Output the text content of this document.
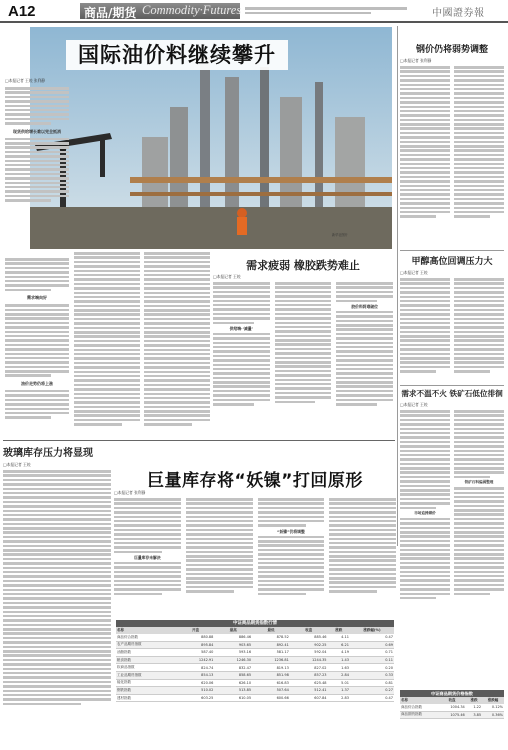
A12	商品/期货 Commodity·Futures	中國證券報
国际油价料继续攀升
新华社图片
□本报记者 王姣 张利静
现货供给增长难以完全抵消
需求端向好
油价走势仍将上涨
需求疲弱 橡胶跌势难止
□本报记者 王姣
供给端·‘减量’
胶价料将难破位
钢价仍将弱势调整
□本报记者 张利静
甲醇高位回调压力大
□本报记者 王姣
需求不温不火 铁矿石低位徘徊
□本报记者 王姣
市场追捧煤价
铁矿石料偏弱整理
玻璃库存压力将显现
□本报记者 王姣
巨量库存将“妖镍”打回原形
□本报记者 张利静
巨量库存未解决
“妖镍”仍将调整
中证商品期货指数行情
名称	开盘	最高	最低	收盘	涨跌	涨跌幅(%)
商品综合指数	880.88	886.46	878.52	885.46	4.11	0.47
农产品期货指数	895.84	903.65	892.41	902.25	6.21	0.69
油脂指数	587.40	593.16	581.17	592.04	4.19	0.71
粮食指数	1242.91	1246.30	1236.81	1244.35	1.43	0.11
软商品指数	824.74	832.47	819.13	827.02	1.63	0.20
工业品期货指数	854.13	858.65	851.98	857.23	2.84	0.33
能化指数	620.06	626.10	616.83	625.48	5.01	0.81
钢铁指数	510.02	513.85	507.64	512.41	1.37	0.27
建材指数	603.25	610.05	600.66	607.84	2.83	0.47
中证商品期货价格指数
名称	收盘	涨跌	涨跌幅
商品综合指数	1004.34	1.22	0.12%
商品期货指数	1075.46	3.85	0.36%
